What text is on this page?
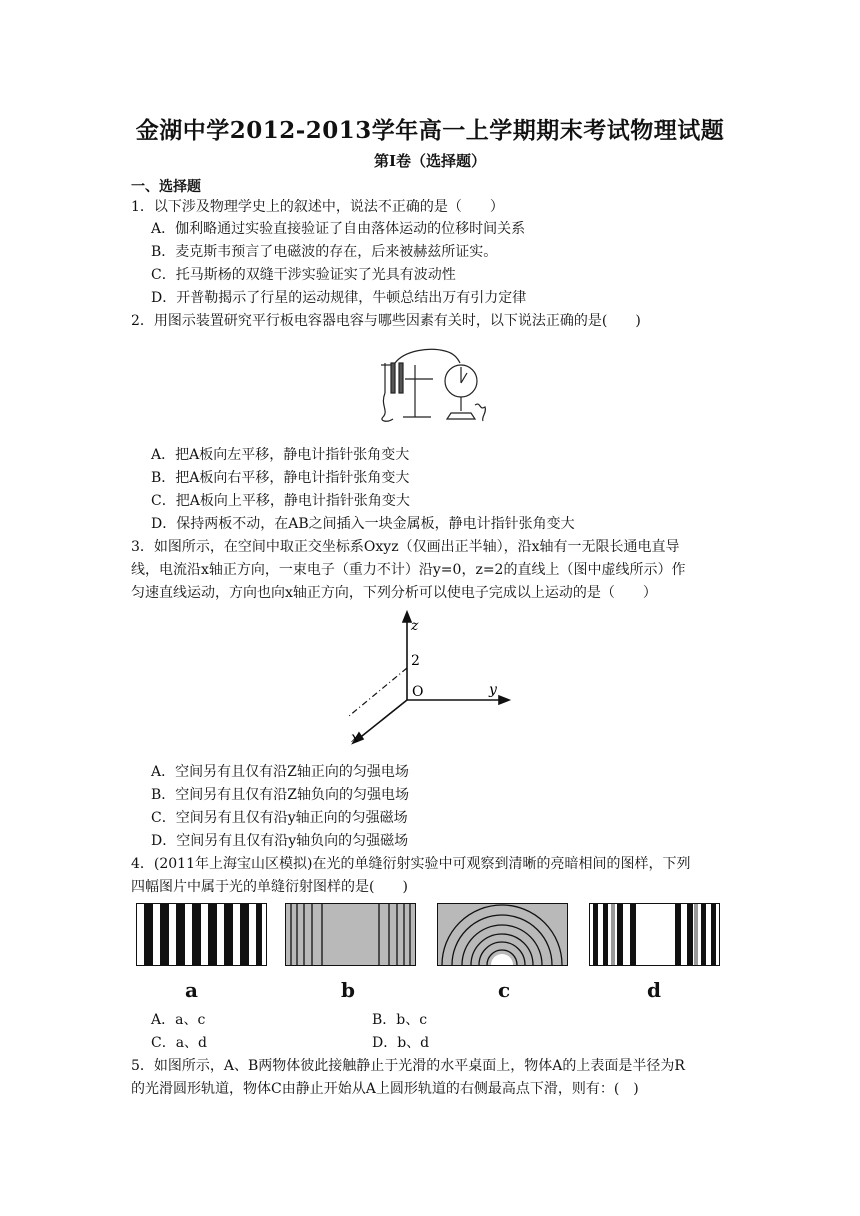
金湖中学2012-2013学年高一上学期期末考试物理试题
第Ⅰ卷（选择题）
一、选择题
1．以下涉及物理学史上的叙述中，说法不正确的是（　　）
A．伽利略通过实验直接验证了自由落体运动的位移时间关系
B．麦克斯韦预言了电磁波的存在，后来被赫兹所证实。
C．托马斯杨的双缝干涉实验证实了光具有波动性
D．开普勒揭示了行星的运动规律，牛顿总结出万有引力定律
2．用图示装置研究平行板电容器电容与哪些因素有关时，以下说法正确的是(　　)
A．把A板向左平移，静电计指针张角变大
B．把A板向右平移，静电计指针张角变大
C．把A板向上平移，静电计指针张角变大
D．保持两板不动，在AB之间插入一块金属板，静电计指针张角变大
3．如图所示，在空间中取正交坐标系Oxyz（仅画出正半轴），沿x轴有一无限长通电直导
线，电流沿x轴正方向，一束电子（重力不计）沿y=0，z=2的直线上（图中虚线所示）作
匀速直线运动，方向也向x轴正方向，下列分析可以使电子完成以上运动的是（　　）
z
2
O	y
x
A．空间另有且仅有沿Z轴正向的匀强电场
B．空间另有且仅有沿Z轴负向的匀强电场
C．空间另有且仅有沿y轴正向的匀强磁场
D．空间另有且仅有沿y轴负向的匀强磁场
4．(2011年上海宝山区模拟)在光的单缝衍射实验中可观察到清晰的亮暗相间的图样，下列
四幅图片中属于光的单缝衍射图样的是(　　)
a	b	c	d
A．a、c	B．b、c
C．a、d	D．b、d
5．如图所示，A、B两物体彼此接触静止于光滑的水平桌面上，物体A的上表面是半径为R
的光滑圆形轨道，物体C由静止开始从A上圆形轨道的右侧最高点下滑，则有：(　)
